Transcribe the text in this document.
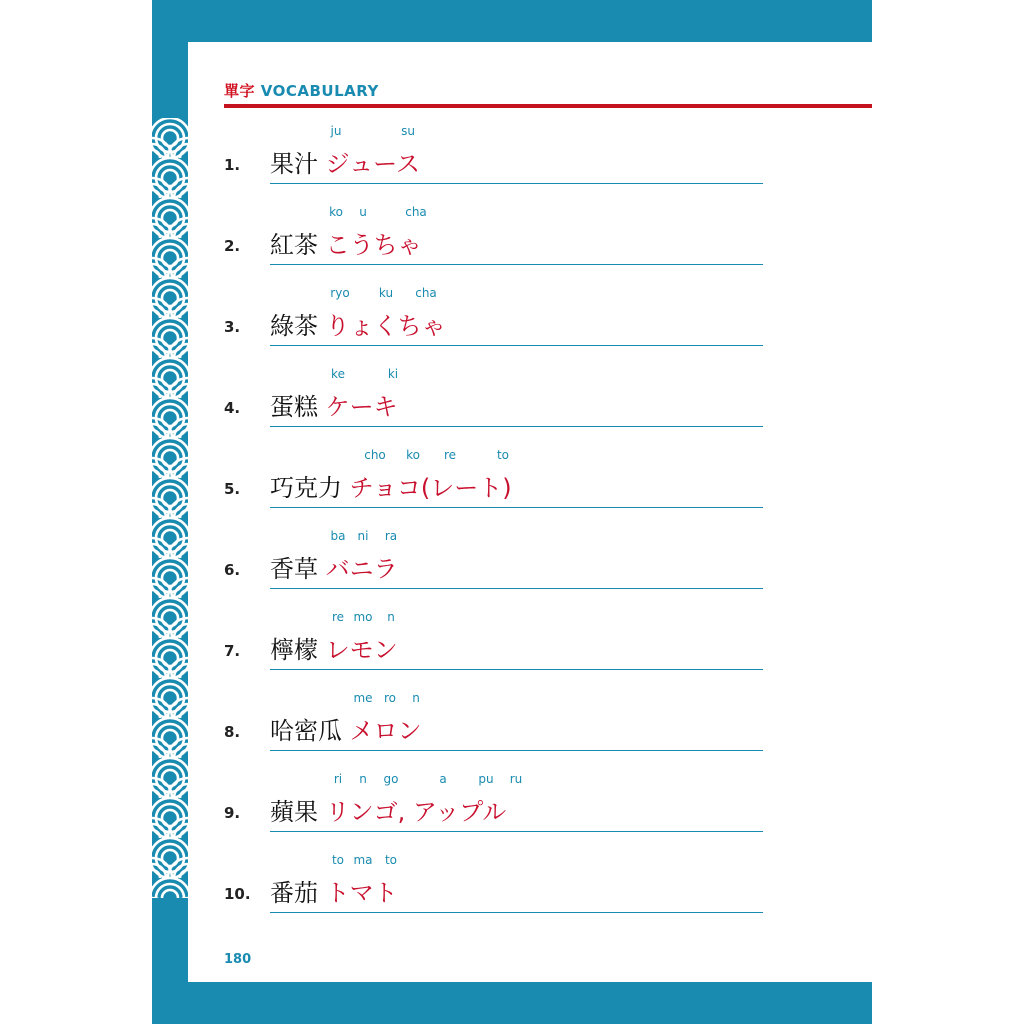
單字 VOCABULARY
ju	su
1.	果汁 ジュース
ko u	cha
2.	紅茶 こうちゃ
ryo ku cha
3.	綠茶 りょくちゃ
ke	ki
4.	蛋糕 ケーキ
cho ko re	to
5.	巧克力 チョコ(レート)
ba ni ra
6.	香草 バニラ
re mo n
7.	檸檬 レモン
me ro n
8.	哈密瓜 メロン
ri n go	a	pu ru
9.	蘋果 リンゴ, アップル
to ma to
10. 番茄 トマト
180
